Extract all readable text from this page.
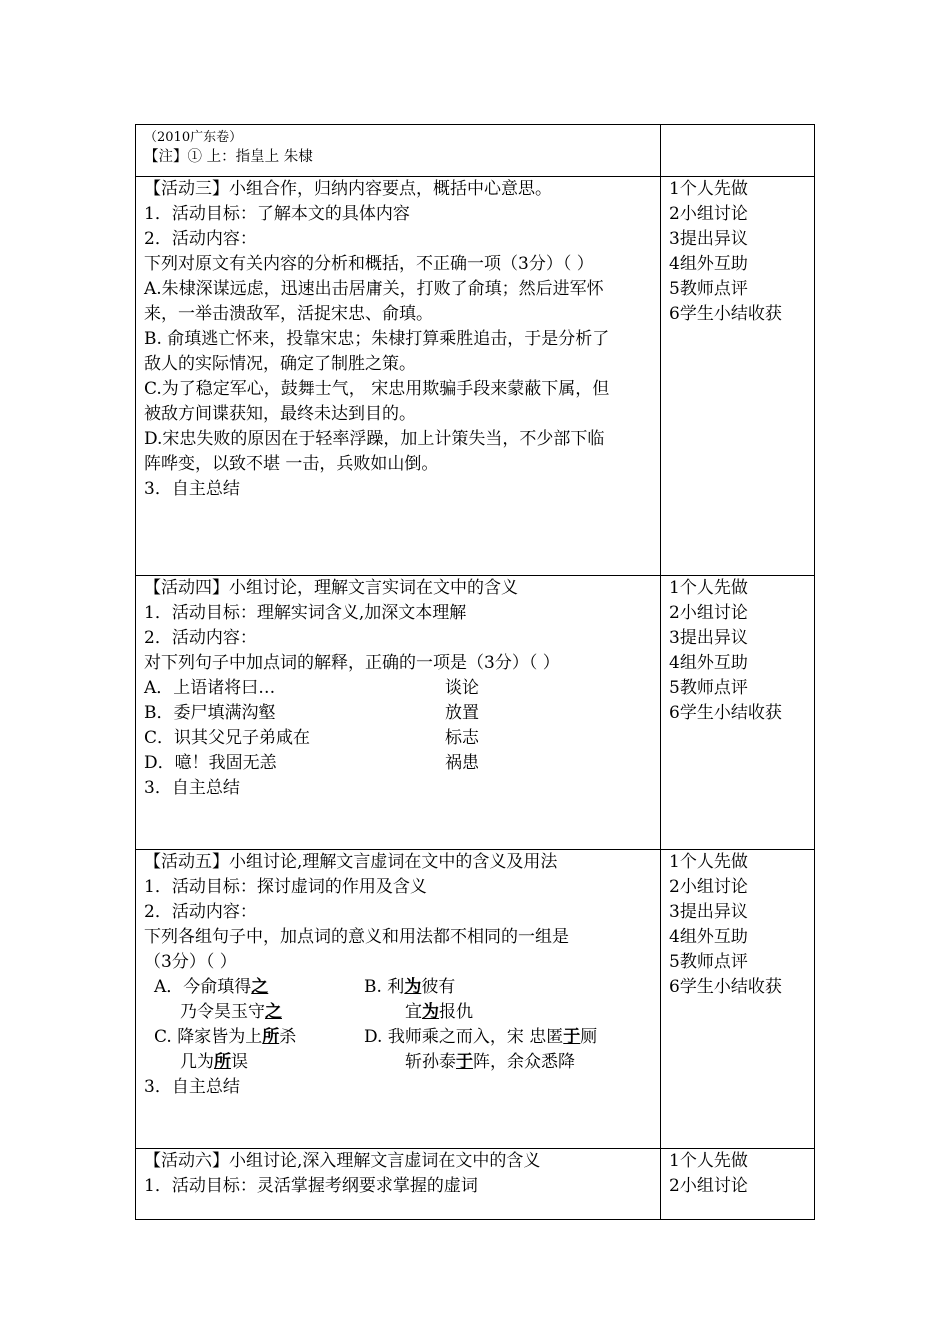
（2010广东卷）
【注】① 上：指皇上 朱棣
【活动三】小组合作，归纳内容要点，概括中心意思。
1．活动目标：了解本文的具体内容
2．活动内容：
下列对原文有关内容的分析和概括，不正确一项（3分）（ ）
A.朱棣深谋远虑，迅速出击居庸关，打败了俞瑱；然后进军怀
来，一举击溃敌军，活捉宋忠、俞瑱。
B. 俞瑱逃亡怀来，投靠宋忠；朱棣打算乘胜追击，于是分析了
敌人的实际情况，确定了制胜之策。
C.为了稳定军心，鼓舞士气， 宋忠用欺骗手段来蒙蔽下属，但
被敌方间谍获知，最终未达到目的。
D.宋忠失败的原因在于轻率浮躁，加上计策失当，不少部下临
阵哗变，以致不堪 一击，兵败如山倒。
3．自主总结
1个人先做
2小组讨论
3提出异议
4组外互助
5教师点评
6学生小结收获
【活动四】小组讨论，理解文言实词在文中的含义
1．活动目标：理解实词含义,加深文本理解
2．活动内容：
对下列句子中加点词的解释，正确的一项是（3分）（ ）
A．上语诸将曰…	谈论
B．委尸填满沟壑	放置
C．识其父兄子弟咸在	标志
D．噫！我固无恙	祸患
3．自主总结
1个人先做
2小组讨论
3提出异议
4组外互助
5教师点评
6学生小结收获
【活动五】小组讨论,理解文言虚词在文中的含义及用法
1．活动目标：探讨虚词的作用及含义
2．活动内容：
下列各组句子中，加点词的意义和用法都不相同的一组是
（3分）（ ）
A．今俞瑱得之	B. 利为彼有
乃令昊玉守之	宜为报仇
C. 降家皆为上所杀	D. 我师乘之而入，宋 忠匿于厕
几为所误	斩孙泰于阵，余众悉降
3．自主总结
1个人先做
2小组讨论
3提出异议
4组外互助
5教师点评
6学生小结收获
【活动六】小组讨论,深入理解文言虚词在文中的含义
1．活动目标：灵活掌握考纲要求掌握的虚词
1个人先做
2小组讨论
